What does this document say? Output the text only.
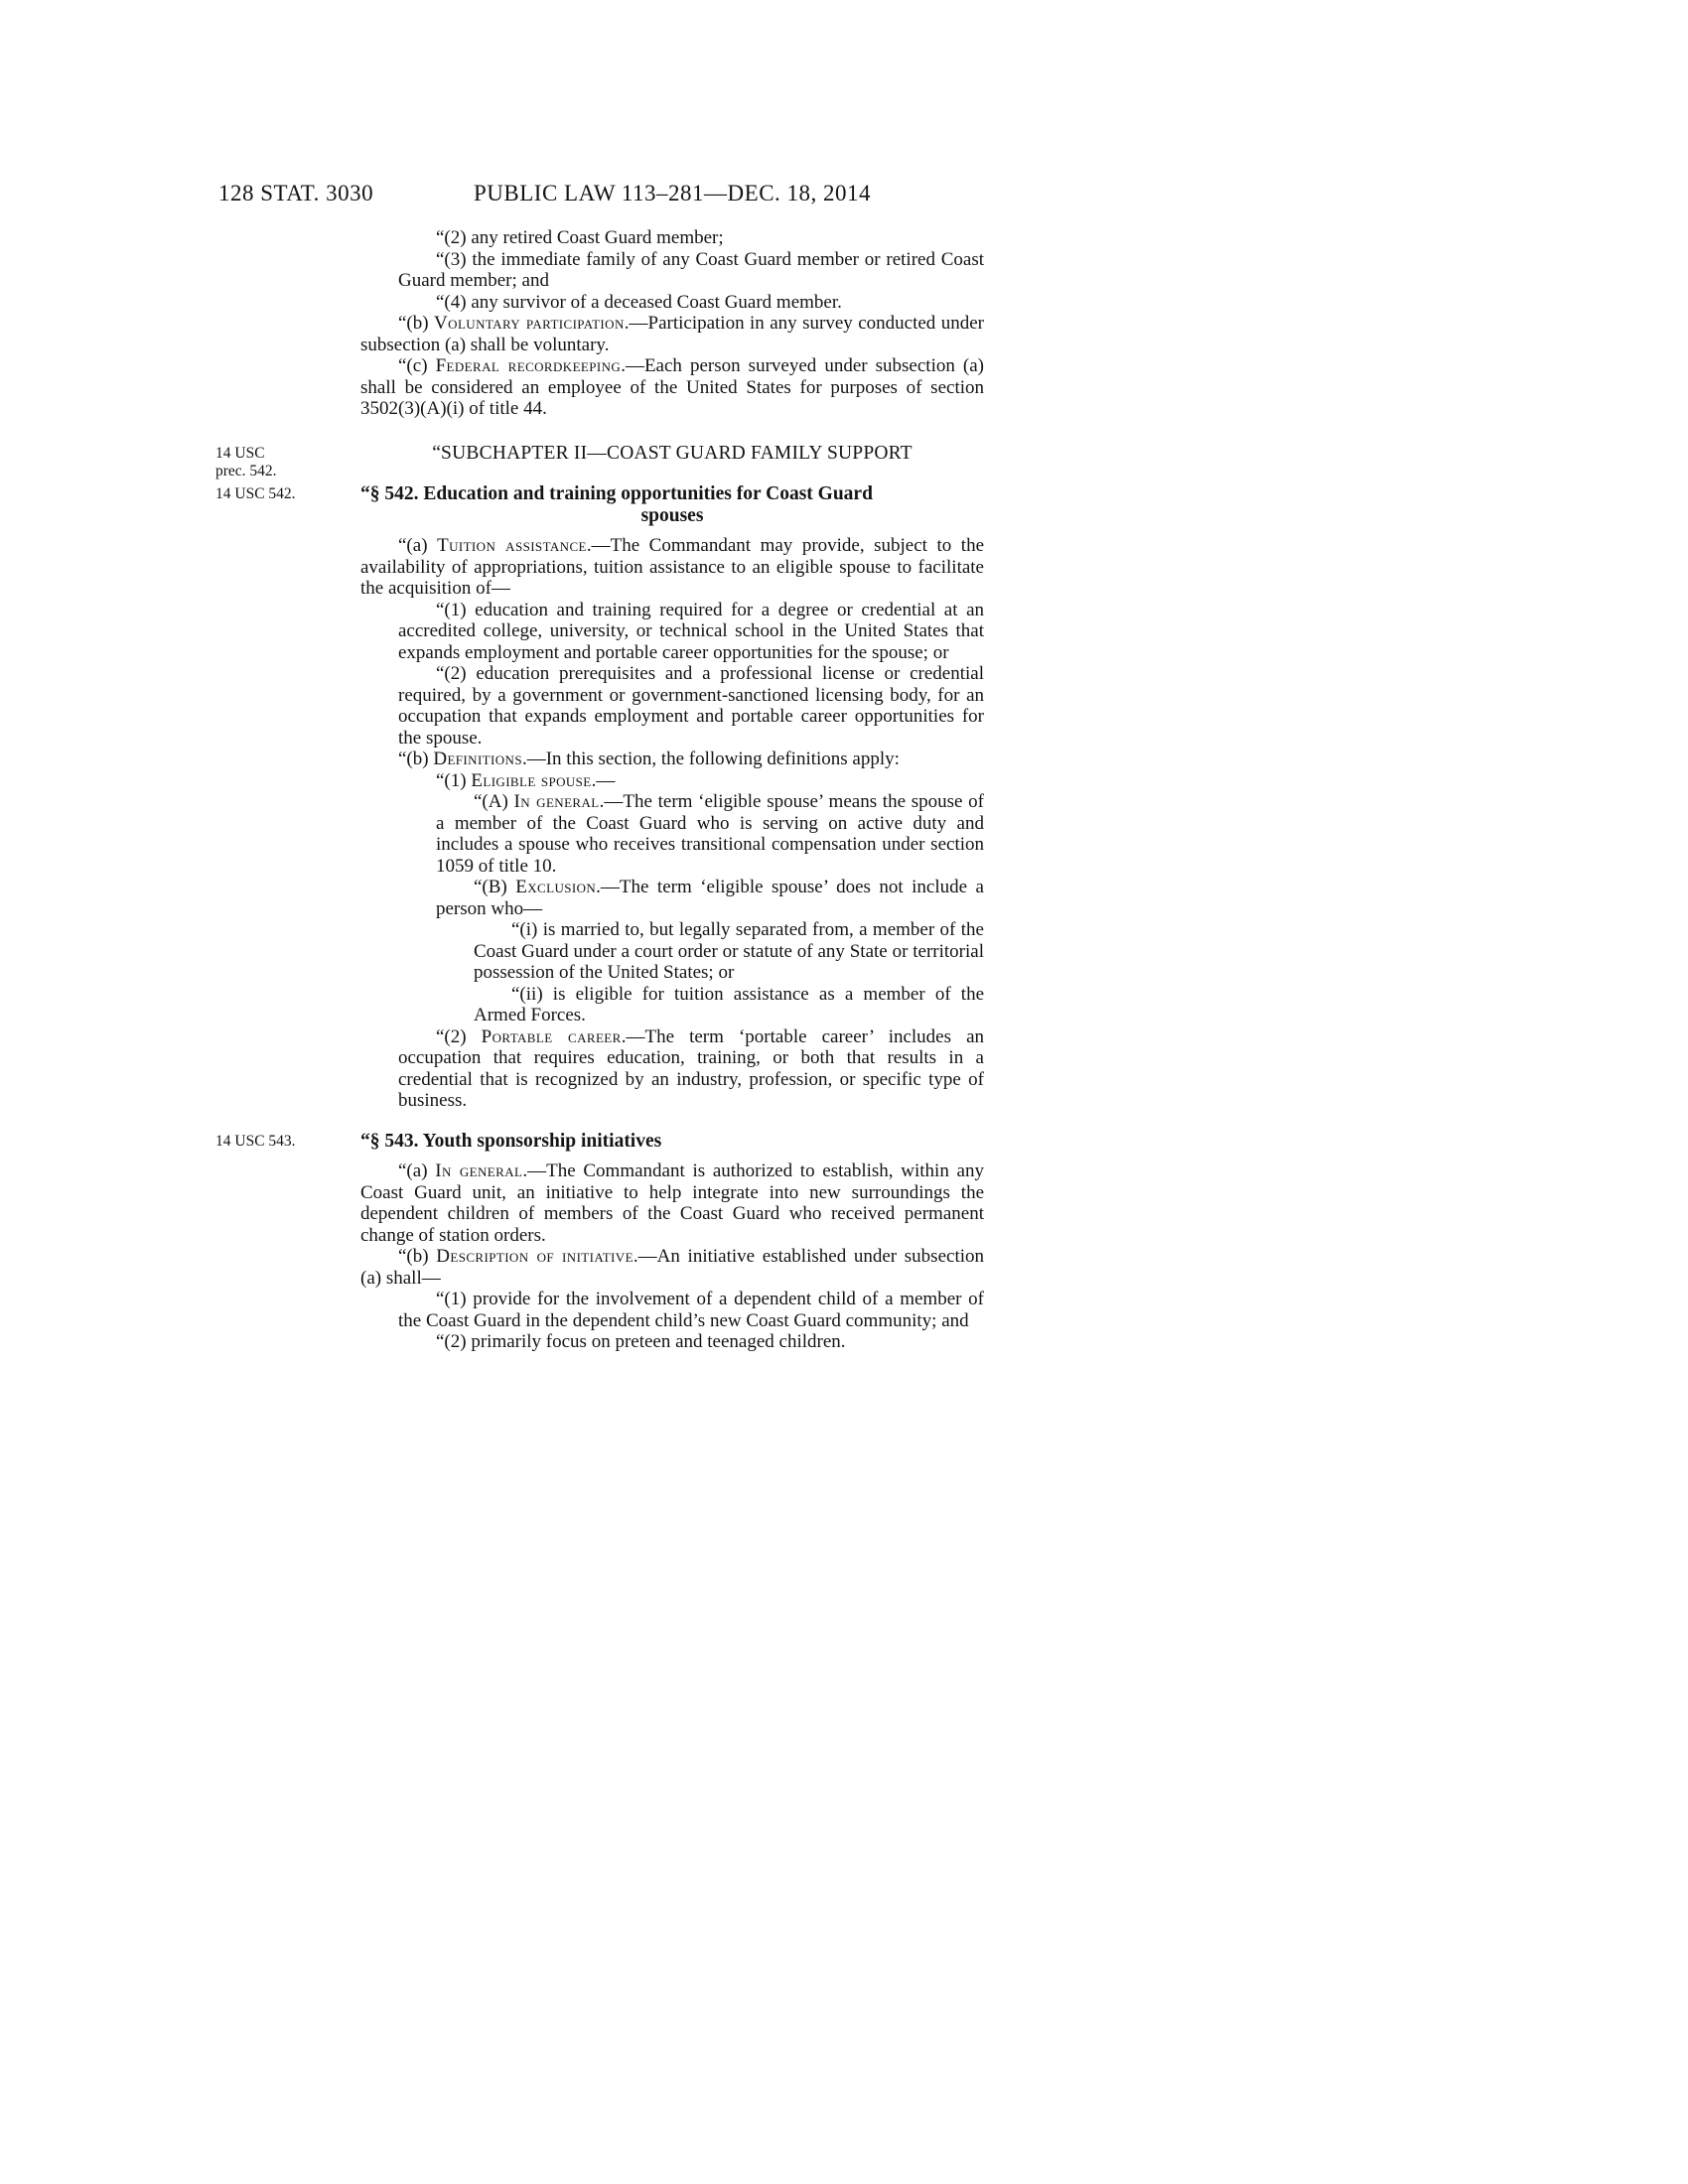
128 STAT. 3030	PUBLIC LAW 113–281—DEC. 18, 2014
“(2) any retired Coast Guard member;
“(3) the immediate family of any Coast Guard member or retired Coast Guard member; and
“(4) any survivor of a deceased Coast Guard member.
“(b) Voluntary participation.—Participation in any survey conducted under subsection (a) shall be voluntary.
“(c) Federal recordkeeping.—Each person surveyed under subsection (a) shall be considered an employee of the United States for purposes of section 3502(3)(A)(i) of title 44.
“SUBCHAPTER II—COAST GUARD FAMILY SUPPORT
14 USC
prec. 542.
“§ 542. Education and training opportunities for Coast Guard
spouses
14 USC 542.
“(a) Tuition assistance.—The Commandant may provide, subject to the availability of appropriations, tuition assistance to an eligible spouse to facilitate the acquisition of—
“(1) education and training required for a degree or credential at an accredited college, university, or technical school in the United States that expands employment and portable career opportunities for the spouse; or
“(2) education prerequisites and a professional license or credential required, by a government or government-sanctioned licensing body, for an occupation that expands employment and portable career opportunities for the spouse.
“(b) Definitions.—In this section, the following definitions apply:
“(1) Eligible spouse.—
“(A) In general.—The term ‘eligible spouse’ means the spouse of a member of the Coast Guard who is serving on active duty and includes a spouse who receives transitional compensation under section 1059 of title 10.
“(B) Exclusion.—The term ‘eligible spouse’ does not include a person who—
“(i) is married to, but legally separated from, a member of the Coast Guard under a court order or statute of any State or territorial possession of the United States; or
“(ii) is eligible for tuition assistance as a member of the Armed Forces.
“(2) Portable career.—The term ‘portable career’ includes an occupation that requires education, training, or both that results in a credential that is recognized by an industry, profession, or specific type of business.
“§ 543. Youth sponsorship initiatives
14 USC 543.
“(a) In general.—The Commandant is authorized to establish, within any Coast Guard unit, an initiative to help integrate into new surroundings the dependent children of members of the Coast Guard who received permanent change of station orders.
“(b) Description of initiative.—An initiative established under subsection (a) shall—
“(1) provide for the involvement of a dependent child of a member of the Coast Guard in the dependent child’s new Coast Guard community; and
“(2) primarily focus on preteen and teenaged children.
